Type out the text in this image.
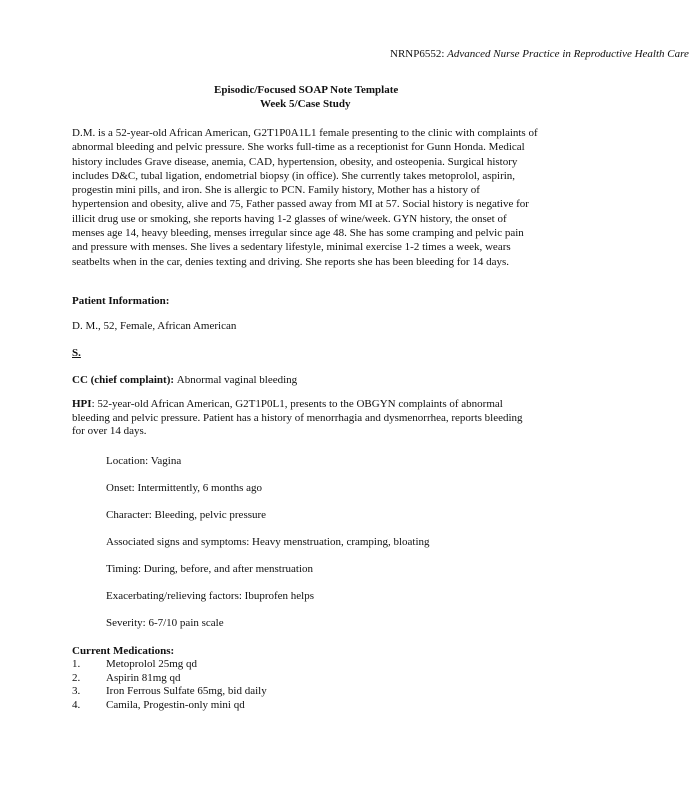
NRNP6552: Advanced Nurse Practice in Reproductive Health Care
Episodic/Focused SOAP Note Template
Week 5/Case Study

D.M. is a 52-year-old African American, G2T1P0A1L1 female presenting to the clinic with complaints of abnormal bleeding and pelvic pressure. She works full-time as a receptionist for Gunn Honda. Medical history includes Grave disease, anemia, CAD, hypertension, obesity, and osteopenia. Surgical history includes D&C, tubal ligation, endometrial biopsy (in office). She currently takes metoprolol, aspirin, progestin mini pills, and iron. She is allergic to PCN. Family history, Mother has a history of hypertension and obesity, alive and 75, Father passed away from MI at 57. Social history is negative for illicit drug use or smoking, she reports having 1-2 glasses of wine/week. GYN history, the onset of menses age 14, heavy bleeding, menses irregular since age 48. She has some cramping and pelvic pain and pressure with menses. She lives a sedentary lifestyle, minimal exercise 1-2 times a week, wears seatbelts when in the car, denies texting and driving. She reports she has been bleeding for 14 days.

Patient Information:

D. M., 52, Female, African American

S.

CC (chief complaint): Abnormal vaginal bleeding

HPI: 52-year-old African American, G2T1P0L1, presents to the OBGYN complaints of abnormal bleeding and pelvic pressure. Patient has a history of menorrhagia and dysmenorrhea, reports bleeding for over 14 days.

Location: Vagina

Onset: Intermittently, 6 months ago

Character: Bleeding, pelvic pressure

Associated signs and symptoms: Heavy menstruation, cramping, bloating

Timing: During, before, and after menstruation

Exacerbating/relieving factors: Ibuprofen helps

Severity: 6-7/10 pain scale

Current Medications:

1.	Metoprolol 25mg qd
2.	Aspirin 81mg qd
3.	Iron Ferrous Sulfate 65mg, bid daily
4.	Camila, Progestin-only mini qd
